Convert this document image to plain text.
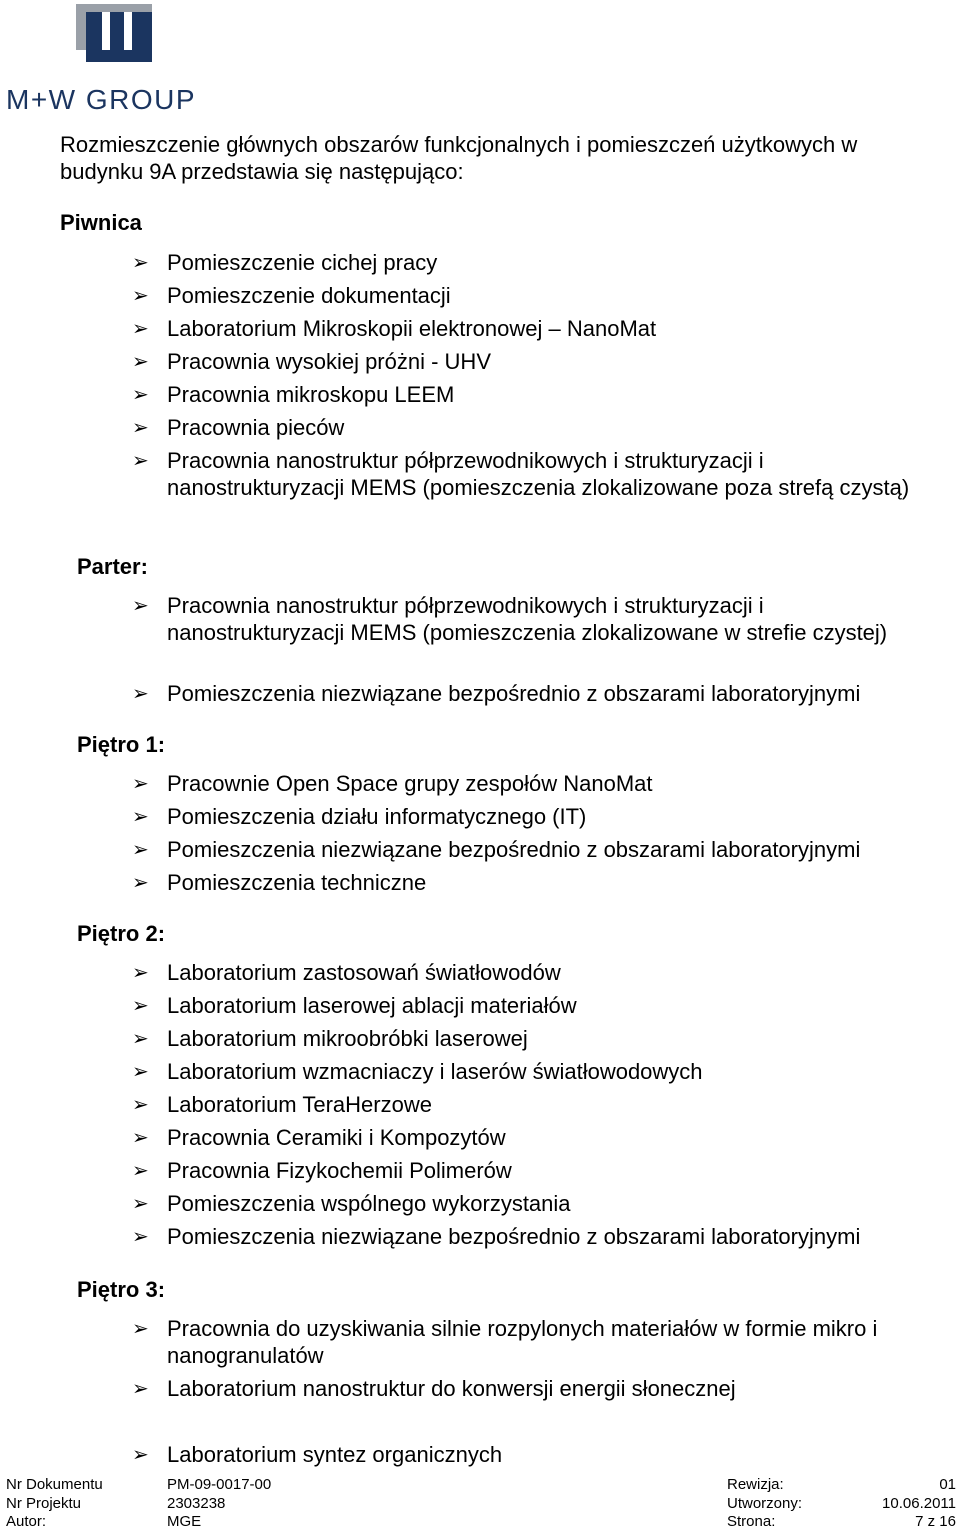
M+W GROUP
Rozmieszczenie głównych obszarów funkcjonalnych i pomieszczeń użytkowych w budynku 9A przedstawia się następująco:
Piwnica
➢ Pomieszczenie cichej pracy
➢ Pomieszczenie dokumentacji
➢ Laboratorium Mikroskopii elektronowej – NanoMat
➢ Pracownia wysokiej próżni - UHV
➢ Pracownia mikroskopu LEEM
➢ Pracownia pieców
➢ Pracownia nanostruktur półprzewodnikowych i strukturyzacji i nanostrukturyzacji MEMS (pomieszczenia zlokalizowane poza strefą czystą)
Parter:
➢ Pracownia nanostruktur półprzewodnikowych i strukturyzacji i nanostrukturyzacji MEMS (pomieszczenia zlokalizowane w strefie czystej)
➢ Pomieszczenia niezwiązane bezpośrednio z obszarami laboratoryjnymi
Piętro 1:
➢ Pracownie Open Space grupy zespołów NanoMat
➢ Pomieszczenia działu informatycznego (IT)
➢ Pomieszczenia niezwiązane bezpośrednio z obszarami laboratoryjnymi
➢ Pomieszczenia techniczne
Piętro 2:
➢ Laboratorium zastosowań światłowodów
➢ Laboratorium laserowej ablacji materiałów
➢ Laboratorium mikroobróbki laserowej
➢ Laboratorium wzmacniaczy i laserów światłowodowych
➢ Laboratorium TeraHerzowe
➢ Pracownia Ceramiki i Kompozytów
➢ Pracownia Fizykochemii Polimerów
➢ Pomieszczenia wspólnego wykorzystania
➢ Pomieszczenia niezwiązane bezpośrednio z obszarami laboratoryjnymi
Piętro 3:
➢ Pracownia do uzyskiwania silnie rozpylonych materiałów w formie mikro i nanogranulatów
➢ Laboratorium nanostruktur do konwersji energii słonecznej
➢ Laboratorium syntez organicznych
Nr Dokumentu	PM-09-0017-00	Rewizja:	01
Nr Projektu	2303238	Utworzony:	10.06.2011
Autor:	MGE	Strona:	7 z 16
